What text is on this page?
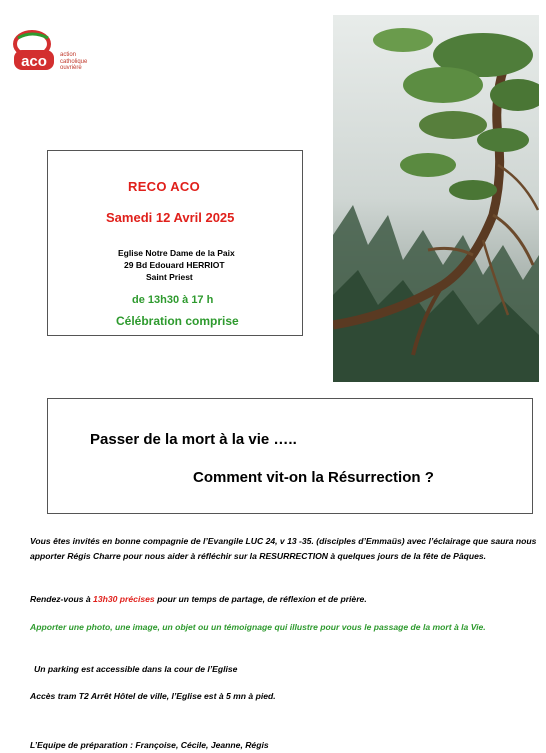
aco action
catholique
ouvrière
RECO ACO
Samedi 12 Avril 2025
Eglise Notre Dame de la Paix
29 Bd Edouard HERRIOT
Saint Priest
de 13h30 à 17 h
Célébration comprise
Passer de la mort à la vie …..
Comment vit-on la Résurrection ?
Vous êtes invités en bonne compagnie de l’Evangile LUC 24, v 13 -35. (disciples d’Emmaüs) avec l’éclairage que saura nous apporter Régis Charre pour nous aider à réfléchir sur la RESURRECTION à quelques jours de la fête de Pâques.
Rendez-vous à 13h30 précises pour un temps de partage, de réflexion et de prière.
Apporter une photo, une image, un objet ou un témoignage qui illustre pour vous le passage de la mort à la Vie.
Un parking est accessible dans la cour de l’Eglise
Accès tram T2 Arrêt Hôtel de ville, l’Eglise est à 5 mn à pied.
L’Equipe de préparation : Françoise, Cécile, Jeanne, Régis
